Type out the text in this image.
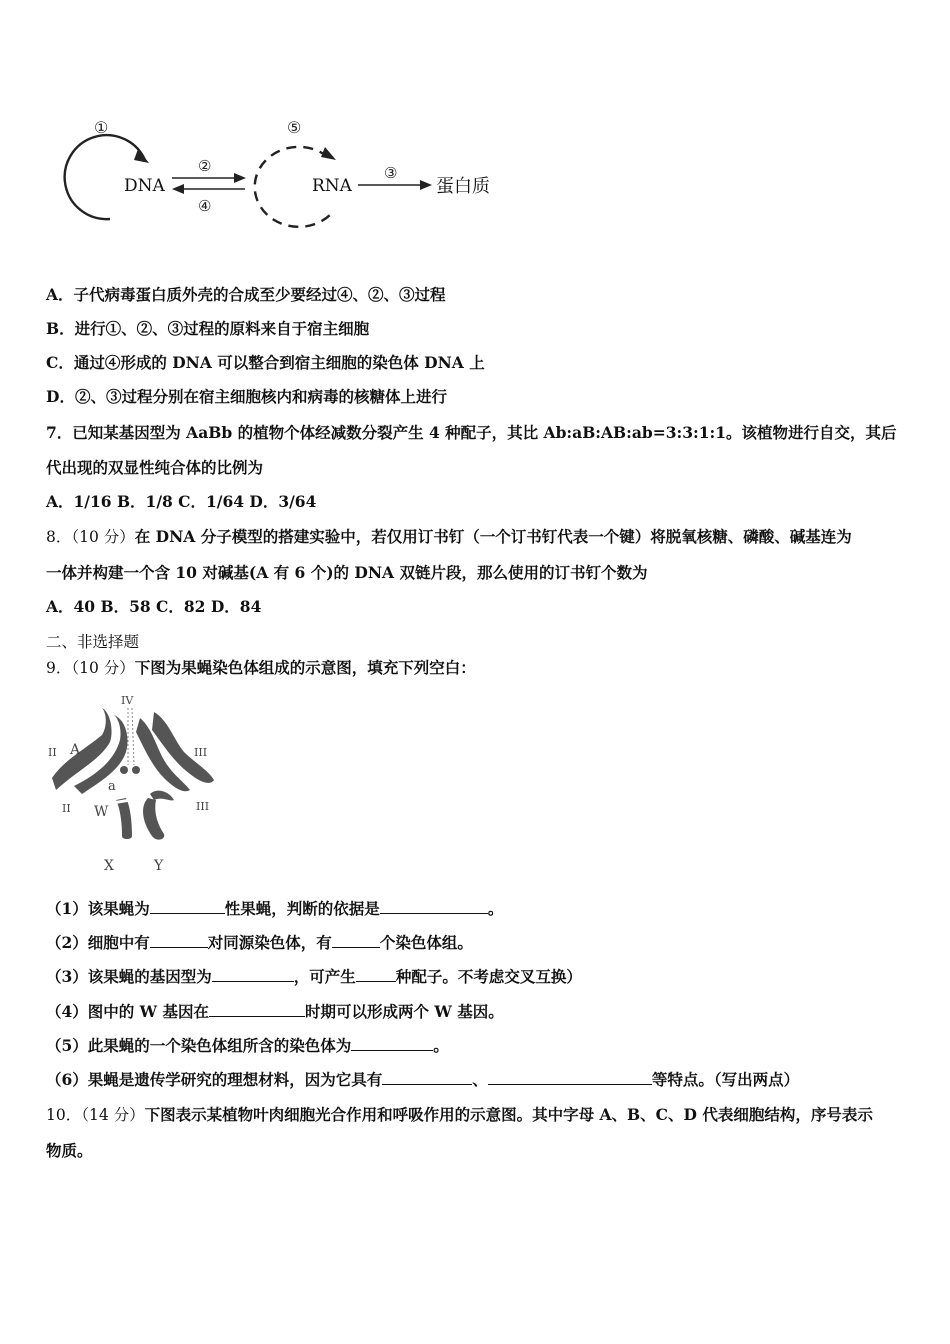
①
DNA
②
④
⑤
RNA
③
蛋白质
A．子代病毒蛋白质外壳的合成至少要经过④、②、③过程
B．进行①、②、③过程的原料来自于宿主细胞
C．通过④形成的 DNA 可以整合到宿主细胞的染色体 DNA 上
D．②、③过程分别在宿主细胞核内和病毒的核糖体上进行
7．已知某基因型为 AaBb 的植物个体经减数分裂产生 4 种配子，其比 Ab:aB:AB:ab=3:3:1:1。该植物进行自交，其后
代出现的双显性纯合体的比例为
A．1/16 B．1/8 C．1/64 D．3/64
8．（10 分）在 DNA 分子模型的搭建实验中，若仅用订书钉（一个订书钉代表一个键）将脱氧核糖、磷酸、碱基连为
一体并构建一个含 10 对碱基(A 有 6 个)的 DNA 双链片段，那么使用的订书钉个数为
A．40 B．58 C．82 D．84
二、非选择题
9．（10 分）下图为果蝇染色体组成的示意图，填充下列空白：
IV
II A	III
a
II W	III
X	Y
（1）该果蝇为	性果蝇，判断的依据是	。
（2）细胞中有	对同源染色体，有	个染色体组。
（3）该果蝇的基因型为	，可产生	种配子。不考虑交叉互换）
（4）图中的 W 基因在	时期可以形成两个 W 基因。
（5）此果蝇的一个染色体组所含的染色体为	。
（6）果蝇是遗传学研究的理想材料，因为它具有	、	等特点。（写出两点）
10．（14 分）下图表示某植物叶肉细胞光合作用和呼吸作用的示意图。其中字母 A、B、C、D 代表细胞结构，序号表示
物质。
